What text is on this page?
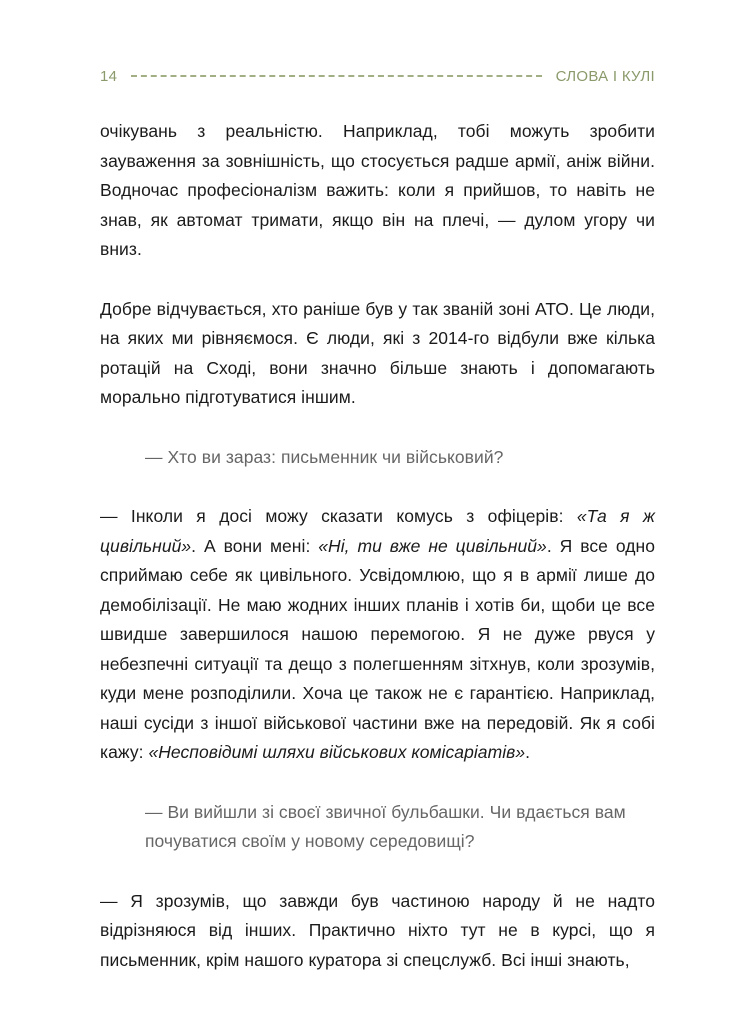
14	СЛОВА І КУЛІ

очікувань з реальністю. Наприклад, тобі можуть зробити зауваження за зовнішність, що стосується радше армії, аніж війни. Водночас професіоналізм важить: коли я прийшов, то навіть не знав, як автомат тримати, якщо він на плечі, — дулом угору чи вниз.

Добре відчувається, хто раніше був у так званій зоні АТО. Це люди, на яких ми рівняємося. Є люди, які з 2014-го відбули вже кілька ротацій на Сході, вони значно більше знають і допомагають морально підготуватися іншим.

— Хто ви зараз: письменник чи військовий?

— Інколи я досі можу сказати комусь з офіцерів: «Та я ж цивільний». А вони мені: «Ні, ти вже не цивільний». Я все одно сприймаю себе як цивільного. Усвідомлюю, що я в армії лише до демобілізації. Не маю жодних інших планів і хотів би, щоби це все швидше завершилося нашою перемогою. Я не дуже рвуся у небезпечні ситуації та дещо з полегшенням зітхнув, коли зрозумів, куди мене розподілили. Хоча це також не є гарантією. Наприклад, наші сусіди з іншої військової частини вже на передовій. Як я собі кажу: «Несповідимі шляхи військових комісаріатів».

— Ви вийшли зі своєї звичної бульбашки. Чи вдається вам почуватися своїм у новому середовищі?

— Я зрозумів, що завжди був частиною народу й не надто відрізняюся від інших. Практично ніхто тут не в курсі, що я письменник, крім нашого куратора зі спецслужб. Всі інші знають,
